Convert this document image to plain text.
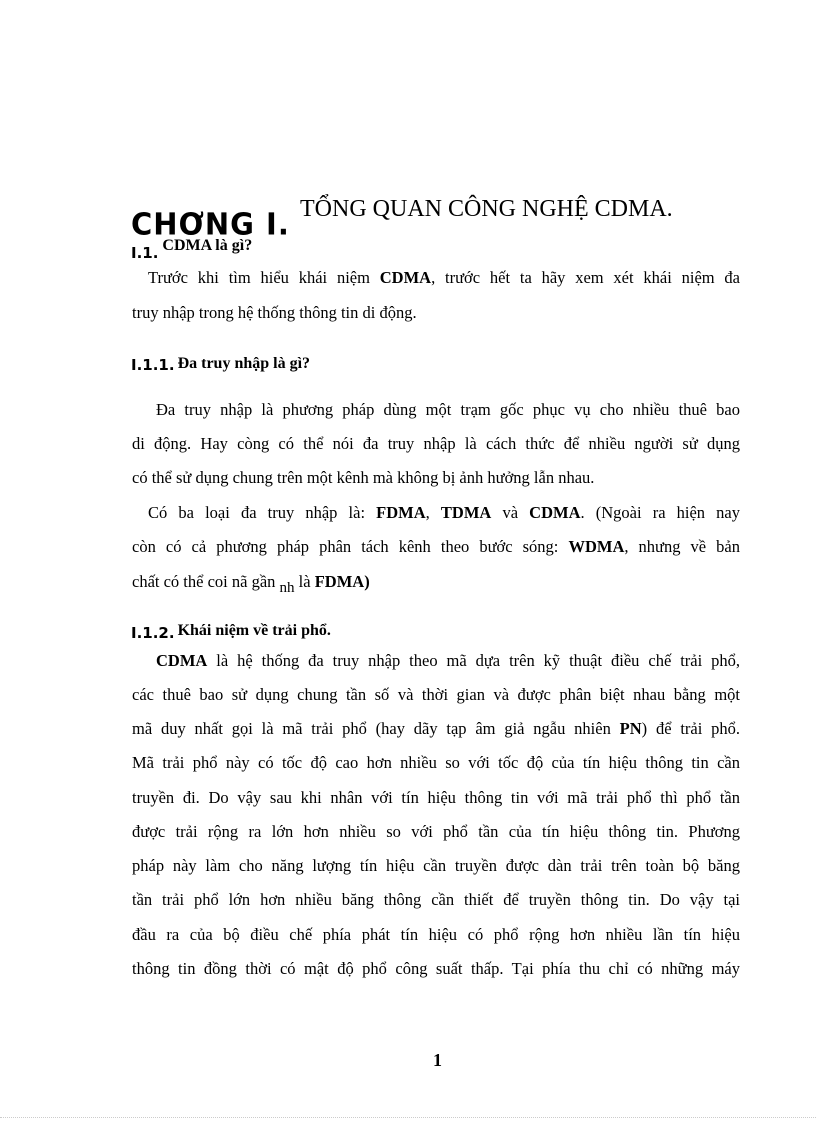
CHƠNG I. TỔNG QUAN CÔNG NGHỆ CDMA.
I.1. CDMA là gì?
Trước khi tìm hiểu khái niệm CDMA, trước hết ta hãy xem xét khái niệm đa
truy nhập trong hệ thống thông tin di động.
I.1.1. Đa truy nhập là gì?
Đa truy nhập là phương pháp dùng một trạm gốc phục vụ cho nhiều thuê bao
di động. Hay còng có thể nói đa truy nhập là cách thức để nhiều người sử dụng
có thể sử dụng chung trên một kênh mà không bị ảnh hưởng lẫn nhau.
Có ba loại đa truy nhập là: FDMA, TDMA và CDMA. (Ngoài ra hiện nay
còn có cả phương pháp phân tách kênh theo bước sóng: WDMA, nhưng về bản
chất có thể coi nã gần nh là FDMA)
I.1.2. Khái niệm về trải phổ.
CDMA là hệ thống đa truy nhập theo mã dựa trên kỹ thuật điều chế trải phổ,
các thuê bao sử dụng chung tần số và thời gian và được phân biệt nhau bằng một
mã duy nhất gọi là mã trải phổ (hay dãy tạp âm giả ngẫu nhiên PN) để trải phổ.
Mã trải phổ này có tốc độ cao hơn nhiều so với tốc độ của tín hiệu thông tin cần
truyền đi. Do vậy sau khi nhân với tín hiệu thông tin với mã trải phổ thì phổ tần
được trải rộng ra lớn hơn nhiều so với phổ tần của tín hiệu thông tin. Phương
pháp này làm cho năng lượng tín hiệu cần truyền được dàn trải trên toàn bộ băng
tần trải phổ lớn hơn nhiều băng thông cần thiết để truyền thông tin. Do vậy tại
đầu ra của bộ điều chế phía phát tín hiệu có phổ rộng hơn nhiều lần tín hiệu
thông tin đồng thời có mật độ phổ công suất thấp. Tại phía thu chỉ có những máy
1
